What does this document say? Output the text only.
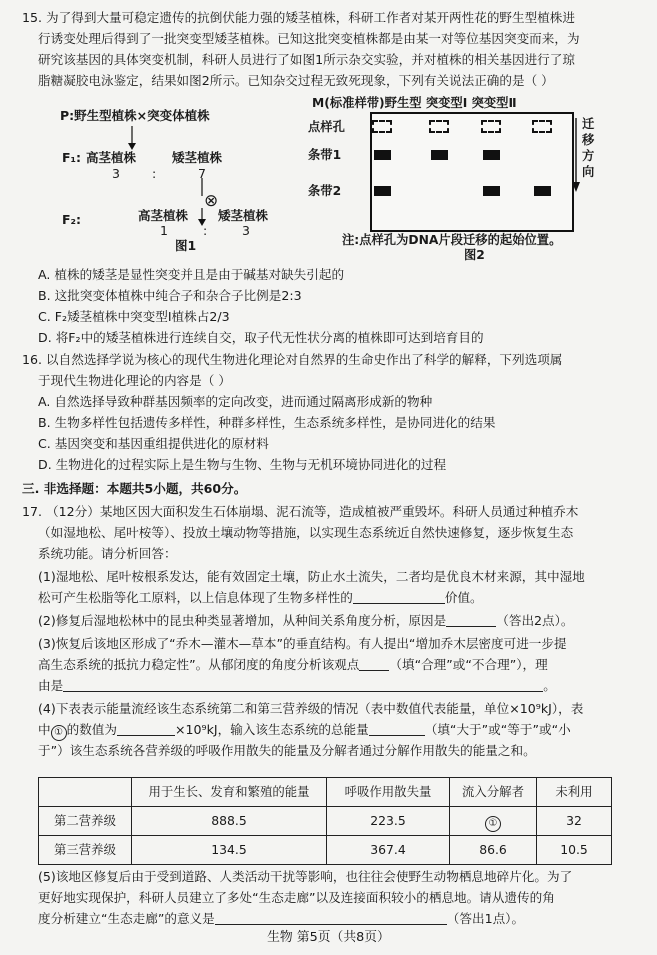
15. 为了得到大量可稳定遗传的抗倒伏能力强的矮茎植株，科研工作者对某开两性花的野生型植株进
行诱变处理后得到了一批突变型矮茎植株。已知这批突变植株都是由某一对等位基因突变而来，为
研究该基因的具体突变机制，科研人员进行了如图1所示杂交实验，并对植株的相关基因进行了琼
脂糖凝胶电泳鉴定，结果如图2所示。已知杂交过程无致死现象，下列有关说法正确的是（ ）
P:野生型植株×突变体植株
F₁: 高茎植株	矮茎植株
3	:	7
⊗
F₂:	高茎植株 矮茎植株
1	:	3
图1
M(标准样带)野生型 突变型Ⅰ 突变型Ⅱ
点样孔
条带1
条带2
迁
移
方
向
注:点样孔为DNA片段迁移的起始位置。
图2
A. 植株的矮茎是显性突变并且是由于碱基对缺失引起的
B. 这批突变体植株中纯合子和杂合子比例是2:3
C. F₂矮茎植株中突变型Ⅰ植株占2/3
D. 将F₂中的矮茎植株进行连续自交，取子代无性状分离的植株即可达到培育目的
16. 以自然选择学说为核心的现代生物进化理论对自然界的生命史作出了科学的解释，下列选项属
于现代生物进化理论的内容是（ ）
A. 自然选择导致种群基因频率的定向改变，进而通过隔离形成新的物种
B. 生物多样性包括遗传多样性，种群多样性，生态系统多样性，是协同进化的结果
C. 基因突变和基因重组提供进化的原材料
D. 生物进化的过程实际上是生物与生物、生物与无机环境协同进化的过程
三. 非选择题：本题共5小题，共60分。
17. （12分）某地区因大面积发生石体崩塌、泥石流等，造成植被严重毁坏。科研人员通过种植乔木
（如湿地松、尾叶桉等）、投放土壤动物等措施，以实现生态系统近自然快速修复，逐步恢复生态
系统功能。请分析回答：
(1)湿地松、尾叶桉根系发达，能有效固定土壤，防止水土流失，二者均是优良木材来源，其中湿地
松可产生松脂等化工原料，以上信息体现了生物多样性的	价值。
(2)修复后湿地松林中的昆虫种类显著增加，从种间关系角度分析，原因是	（答出2点）。
(3)恢复后该地区形成了“乔木—灌木—草本”的垂直结构。有人提出“增加乔木层密度可进一步提
高生态系统的抵抗力稳定性”。从郁闭度的角度分析该观点 （填“合理”或“不合理”），理
由是	。
(4)下表表示能量流经该生态系统第二和第三营养级的情况（表中数值代表能量，单位×10⁹kJ），表
中 ① 的数值为	×10⁹kJ，输入该生态系统的总能量	（填“大于”或“等于”或“小
于”）该生态系统各营养级的呼吸作用散失的能量及分解者通过分解作用散失的能量之和。
	用于生长、发育和繁殖的能量	呼吸作用散失量	流入分解者	未利用
第二营养级	888.5	223.5	①	32
第三营养级	134.5	367.4	86.6	10.5
(5)该地区修复后由于受到道路、人类活动干扰等影响，也往往会使野生动物栖息地碎片化。为了
更好地实现保护，科研人员建立了多处“生态走廊”以及连接面积较小的栖息地。请从遗传的角
度分析建立“生态走廊”的意义是	（答出1点）。
生物 第5页（共8页）
